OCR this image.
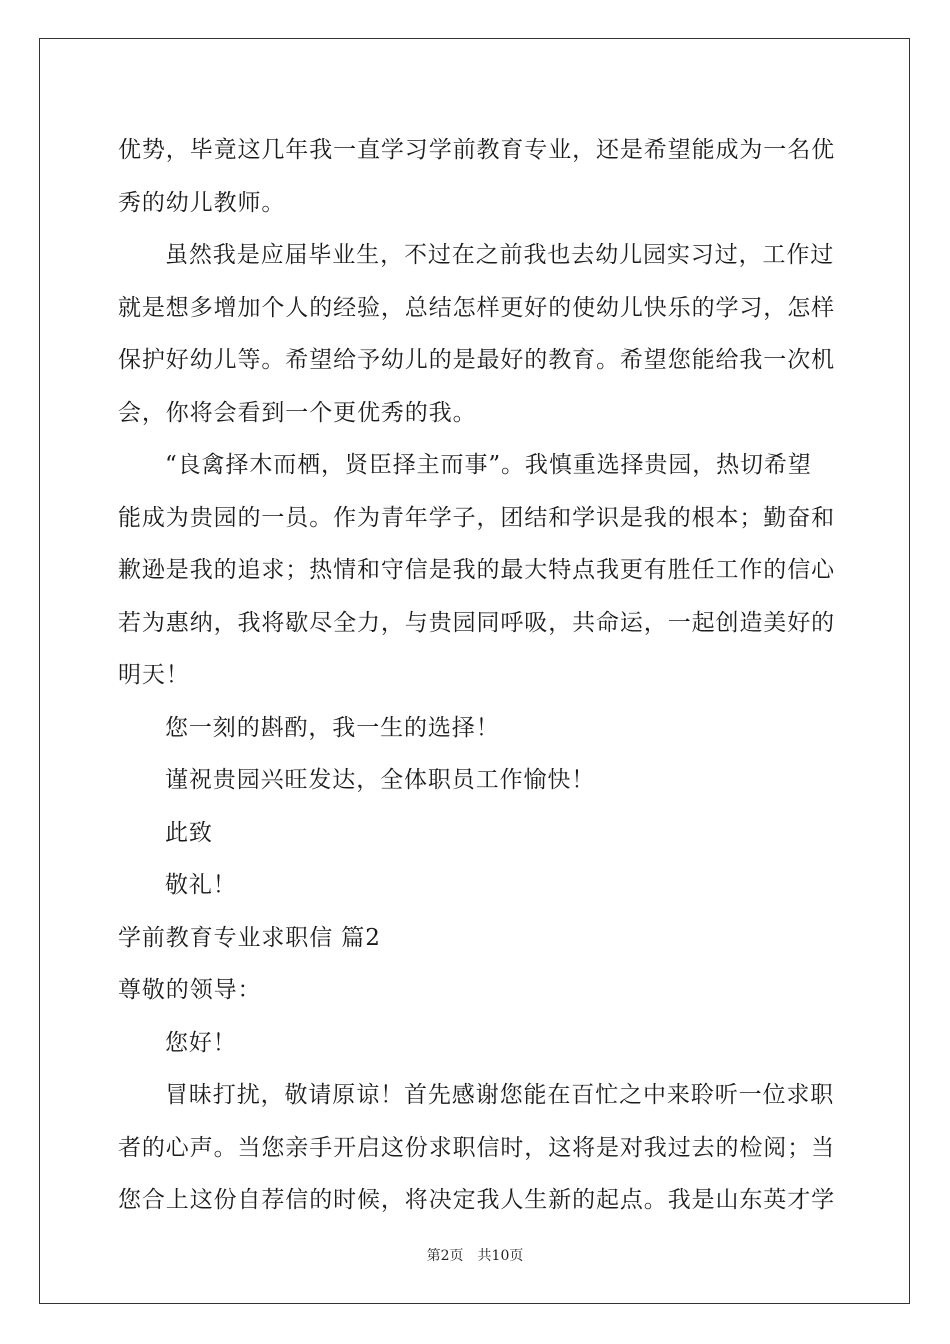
优势，毕竟这几年我一直学习学前教育专业，还是希望能成为一名优
秀的幼儿教师。
虽然我是应届毕业生，不过在之前我也去幼儿园实习过，工作过
就是想多增加个人的经验，总结怎样更好的使幼儿快乐的学习，怎样
保护好幼儿等。希望给予幼儿的是最好的教育。希望您能给我一次机
会，你将会看到一个更优秀的我。
“良禽择木而栖，贤臣择主而事”。我慎重选择贵园，热切希望
能成为贵园的一员。作为青年学子，团结和学识是我的根本；勤奋和
歉逊是我的追求；热情和守信是我的最大特点我更有胜任工作的信心
若为惠纳，我将歇尽全力，与贵园同呼吸，共命运，一起创造美好的
明天！
您一刻的斟酌，我一生的选择！
谨祝贵园兴旺发达，全体职员工作愉快！
此致
敬礼！
学前教育专业求职信 篇2
尊敬的领导：
您好！
冒昧打扰，敬请原谅！首先感谢您能在百忙之中来聆听一位求职
者的心声。当您亲手开启这份求职信时，这将是对我过去的检阅；当
您合上这份自荐信的时候，将决定我人生新的起点。我是山东英才学
第2页 共10页
